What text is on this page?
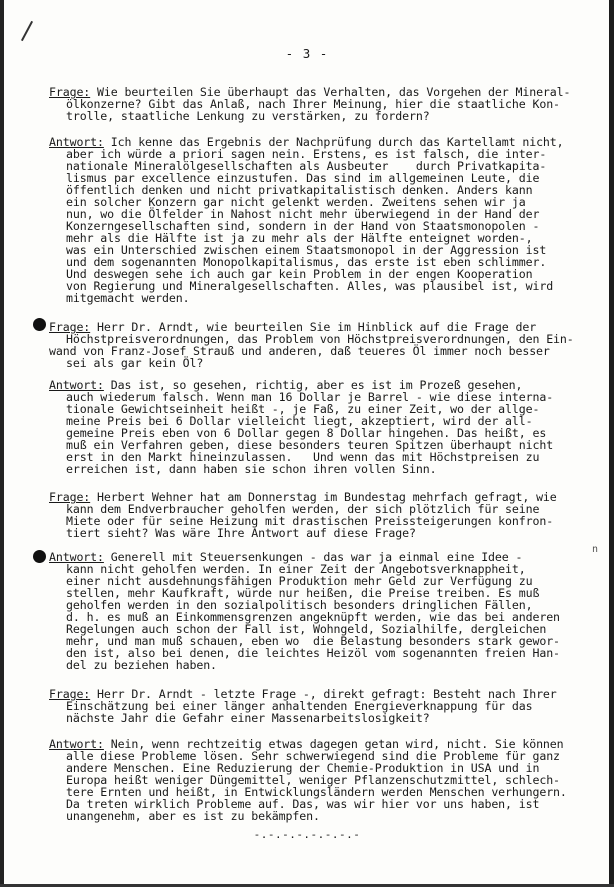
- 3 -
n
Frage: Wie beurteilen Sie überhaupt das Verhalten, das Vorgehen der Mineral-
ölkonzerne? Gibt das Anlaß, nach Ihrer Meinung, hier die staatliche Kon-
trolle, staatliche Lenkung zu verstärken, zu fordern?
Antwort: Ich kenne das Ergebnis der Nachprüfung durch das Kartellamt nicht,
aber ich würde a priori sagen nein. Erstens, es ist falsch, die inter-
nationale Mineralölgesellschaften als Ausbeuter    durch Privatkapita-
lismus par excellence einzustufen. Das sind im allgemeinen Leute, die
öffentlich denken und nicht privatkapitalistisch denken. Anders kann
ein solcher Konzern gar nicht gelenkt werden. Zweitens sehen wir ja
nun, wo die Ölfelder in Nahost nicht mehr überwiegend in der Hand der
Konzerngesellschaften sind, sondern in der Hand von Staatsmonopolen -
mehr als die Hälfte ist ja zu mehr als der Hälfte enteignet worden-,
was ein Unterschied zwischen einem Staatsmonopol in der Aggression ist
und dem sogenannten Monopolkapitalismus, das erste ist eben schlimmer.
Und deswegen sehe ich auch gar kein Problem in der engen Kooperation
von Regierung und Mineralgesellschaften. Alles, was plausibel ist, wird
mitgemacht werden.
Frage: Herr Dr. Arndt, wie beurteilen Sie im Hinblick auf die Frage der
Höchstpreisverordnungen, das Problem von Höchstpreisverordnungen, den Ein-
wand von Franz-Josef Strauß und anderen, daß teueres Öl immer noch besser
sei als gar kein Öl?
Antwort: Das ist, so gesehen, richtig, aber es ist im Prozeß gesehen,
auch wiederum falsch. Wenn man 16 Dollar je Barrel - wie diese interna-
tionale Gewichtseinheit heißt -, je Faß, zu einer Zeit, wo der allge-
meine Preis bei 6 Dollar vielleicht liegt, akzeptiert, wird der all-
gemeine Preis eben von 6 Dollar gegen 8 Dollar hingehen. Das heißt, es
muß ein Verfahren geben, diese besonders teuren Spitzen überhaupt nicht
erst in den Markt hineinzulassen.   Und wenn das mit Höchstpreisen zu
erreichen ist, dann haben sie schon ihren vollen Sinn.
Frage: Herbert Wehner hat am Donnerstag im Bundestag mehrfach gefragt, wie
kann dem Endverbraucher geholfen werden, der sich plötzlich für seine
Miete oder für seine Heizung mit drastischen Preissteigerungen konfron-
tiert sieht? Was wäre Ihre Antwort auf diese Frage?
Antwort: Generell mit Steuersenkungen - das war ja einmal eine Idee -
kann nicht geholfen werden. In einer Zeit der Angebotsverknappheit,
einer nicht ausdehnungsfähigen Produktion mehr Geld zur Verfügung zu
stellen, mehr Kaufkraft, würde nur heißen, die Preise treiben. Es muß
geholfen werden in den sozialpolitisch besonders dringlichen Fällen,
d. h. es muß an Einkommensgrenzen angeknüpft werden, wie das bei anderen
Regelungen auch schon der Fall ist, Wohngeld, Sozialhilfe, dergleichen
mehr, und man muß schauen, eben wo  die Belastung besonders stark gewor-
den ist, also bei denen, die leichtes Heizöl vom sogenannten freien Han-
del zu beziehen haben.
Frage: Herr Dr. Arndt - letzte Frage -, direkt gefragt: Besteht nach Ihrer
Einschätzung bei einer länger anhaltenden Energieverknappung für das
nächste Jahr die Gefahr einer Massenarbeitslosigkeit?
Antwort: Nein, wenn rechtzeitig etwas dagegen getan wird, nicht. Sie können
alle diese Probleme lösen. Sehr schwerwiegend sind die Probleme für ganz
andere Menschen. Eine Reduzierung der Chemie-Produktion in USA und in
Europa heißt weniger Düngemittel, weniger Pflanzenschutzmittel, schlech-
tere Ernten und heißt, in Entwicklungsländern werden Menschen verhungern.
Da treten wirklich Probleme auf. Das, was wir hier vor uns haben, ist
unangenehm, aber es ist zu bekämpfen.
-.-.-.-.-.-.-.-
